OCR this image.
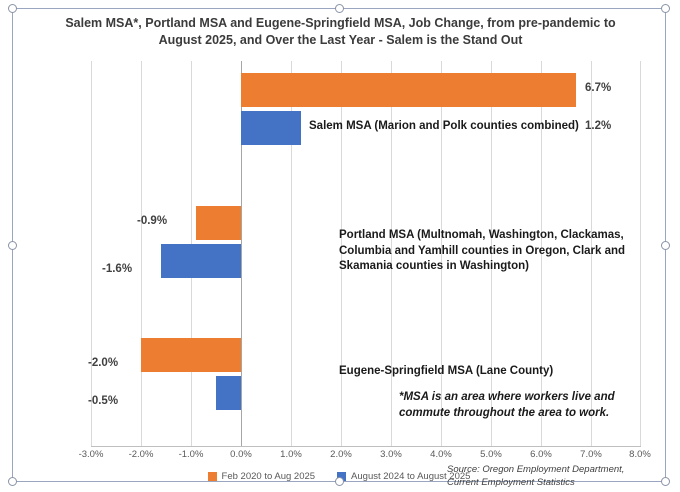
Salem MSA*, Portland MSA and Eugene-Springfield MSA, Job Change, from pre-pandemic to August 2025, and Over the Last Year - Salem is the Stand Out
6.7%
1.2%
Salem MSA (Marion and Polk counties combined)
-0.9%
-1.6%
Portland MSA (Multnomah, Washington, Clackamas, Columbia and Yamhill counties in Oregon, Clark and Skamania counties in Washington)
-2.0%
-0.5%
Eugene-Springfield MSA (Lane County)
*MSA is an area where workers live and commute throughout the area to work.
-3.0%	-2.0%	-1.0%	0.0%	1.0%	2.0%	3.0%	4.0%	5.0%	6.0%	7.0%	8.0%
Feb 2020 to Aug 2025	August 2024 to August 2025
Source: Oregon Employment Department, Current Employment Statistics
